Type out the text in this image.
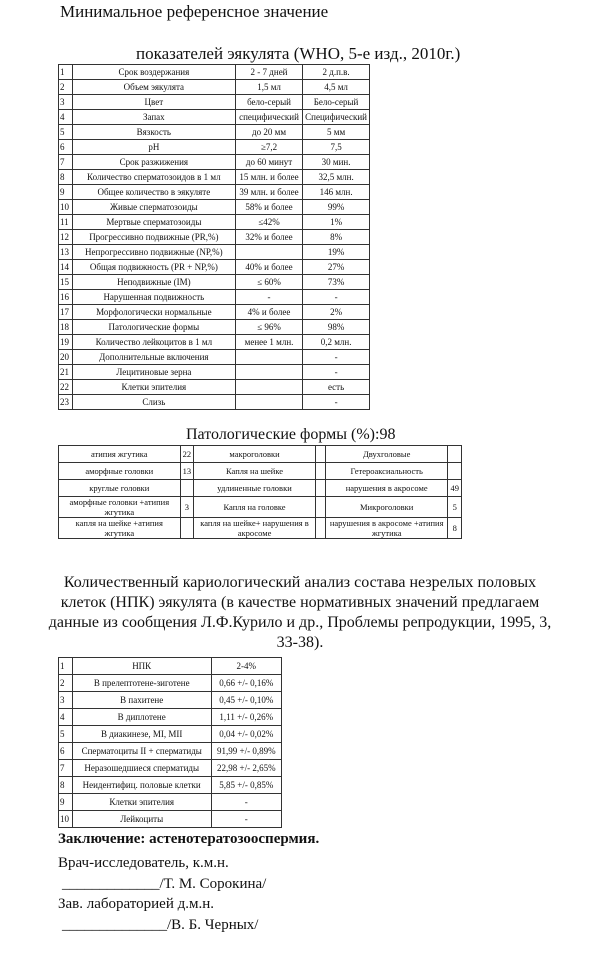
Минимальное референсное значение
показателей эякулята (WHO, 5-е изд., 2010г.)
1	Срок воздержания	2 - 7 дней	2 д.п.в.
2	Объем эякулята	1,5 мл	4,5 мл
3	Цвет	бело-серый	Бело-серый
4	Запах	специфический	Специфический
5	Вязкость	до 20 мм	5 мм
6	pH	≥7,2	7,5
7	Срок разжижения	до 60 минут	30 мин.
8	Количество сперматозоидов в 1 мл	15 млн. и более	32,5 млн.
9	Общее количество в эякуляте	39 млн. и более	146 млн.
10	Живые сперматозоиды	58% и более	99%
11	Мертвые сперматозоиды	≤42%	1%
12	Прогрессивно подвижные (PR,%)	32% и более	8%
13	Непрогрессивно подвижные (NP,%)		19%
14	Общая подвижность (PR + NP,%)	40% и более	27%
15	Неподвижные (IM)	≤ 60%	73%
16	Нарушенная подвижность	-	-
17	Морфологически нормальные	4% и более	2%
18	Патологические формы	≤ 96%	98%
19	Количество лейкоцитов в 1 мл	менее 1 млн.	0,2 млн.
20	Дополнительные включения		-
21	Лецитиновые зерна		-
22	Клетки эпителия		есть
23	Слизь		-
Патологические формы (%):98
атипия жгутика	22	макроголовки		Двухголовые	
аморфные головки	13	Капля на шейке		Гетероаксиальность	
круглые головки		удлиненные головки		нарушения в акросоме	49
аморфные головки +атипия жгутика	3	Капля на головке		Микроголовки	5
капля на шейке +атипия жгутика		капля на шейке+ нарушения в акросоме		нарушения в акросоме +атипия жгутика	8
Количественный кариологический анализ состава незрелых половых клеток (НПК) эякулята (в качестве нормативных значений предлагаем данные из сообщения Л.Ф.Курило и др., Проблемы репродукции, 1995, 3, 33-38).
1	НПК	2-4%
2	В прелептотене-зиготене	0,66 +/- 0,16%
3	В пахитене	0,45 +/- 0,10%
4	В диплотене	1,11 +/- 0,26%
5	В диакинезе, MI, MII	0,04 +/- 0,02%
6	Сперматоциты II + сперматиды	91,99 +/- 0,89%
7	Неразошедшиеся сперматиды	22,98 +/- 2,65%
8	Неидентифиц. половые клетки	5,85 +/- 0,85%
9	Клетки эпителия	-
10	Лейкоциты	-
Заключение: астенотератозооспермия.
Врач-исследователь, к.м.н.
_____________/Т. М. Сорокина/
Зав. лабораторией д.м.н.
______________/В. Б. Черных/
